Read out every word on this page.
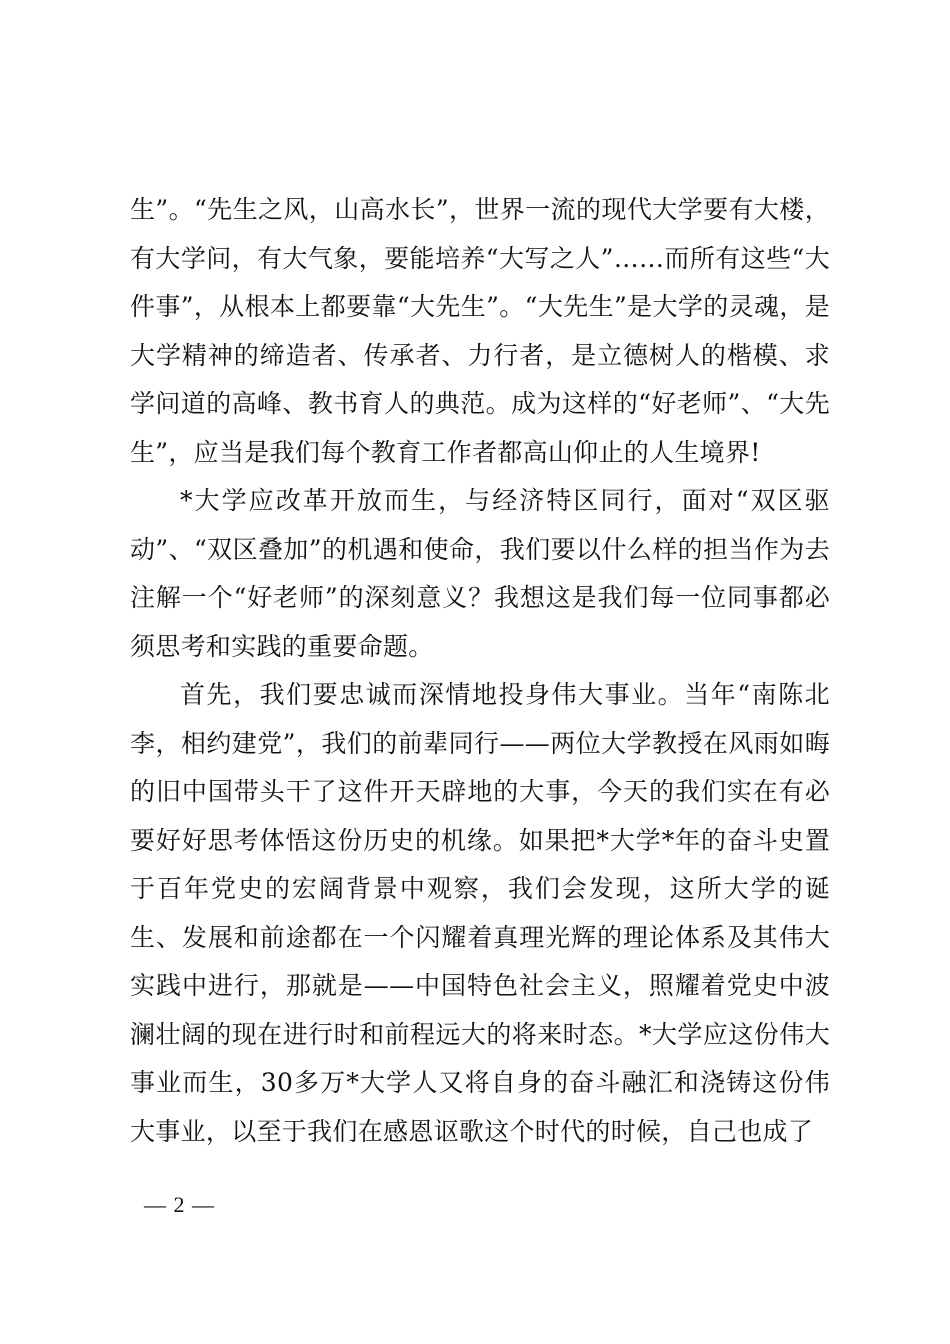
生”。“先生之风，山高水长”，世界一流的现代大学要有大楼，有大学问，有大气象，要能培养“大写之人”……而所有这些“大件事”，从根本上都要靠“大先生”。“大先生”是大学的灵魂，是大学精神的缔造者、传承者、力行者，是立德树人的楷模、求学问道的高峰、教书育人的典范。成为这样的“好老师”、“大先生”，应当是我们每个教育工作者都高山仰止的人生境界!

*大学应改革开放而生，与经济特区同行，面对“双区驱动”、“双区叠加”的机遇和使命，我们要以什么样的担当作为去注解一个“好老师”的深刻意义？我想这是我们每一位同事都必须思考和实践的重要命题。

首先，我们要忠诚而深情地投身伟大事业。当年“南陈北李，相约建党”，我们的前辈同行——两位大学教授在风雨如晦的旧中国带头干了这件开天辟地的大事，今天的我们实在有必要好好思考体悟这份历史的机缘。如果把*大学*年的奋斗史置于百年党史的宏阔背景中观察，我们会发现，这所大学的诞生、发展和前途都在一个闪耀着真理光辉的理论体系及其伟大实践中进行，那就是——中国特色社会主义，照耀着党史中波澜壮阔的现在进行时和前程远大的将来时态。*大学应这份伟大事业而生，30多万*大学人又将自身的奋斗融汇和浇铸这份伟大事业，以至于我们在感恩讴歌这个时代的时候，自己也成了

— 2 —
